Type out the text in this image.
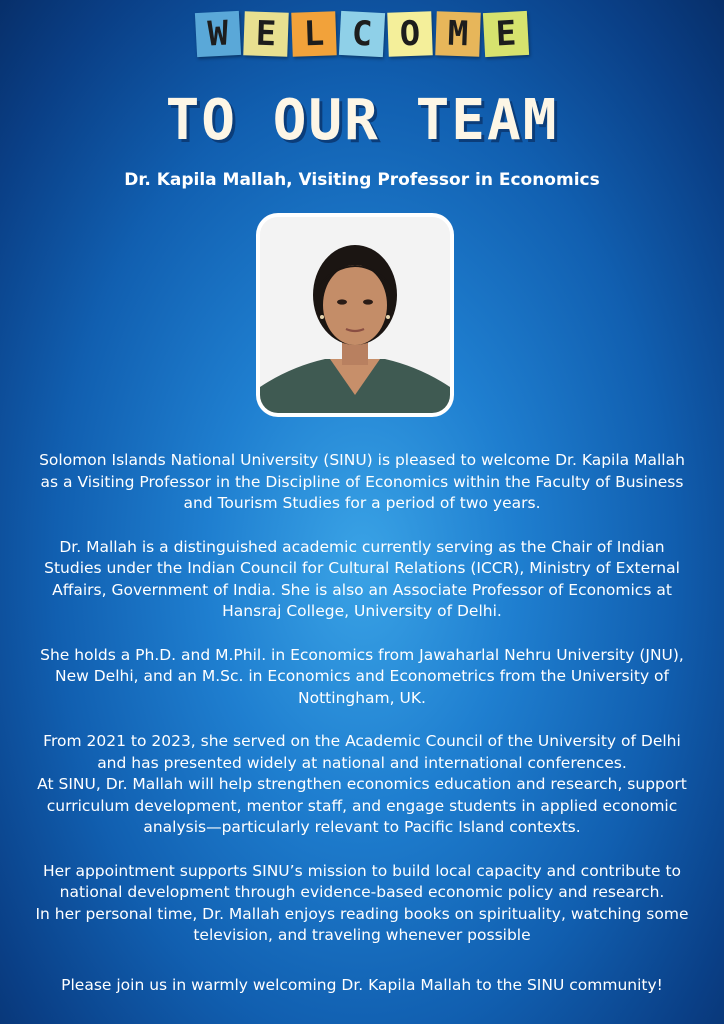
W E L C O M E
TO OUR TEAM
Dr. Kapila Mallah, Visiting Professor in Economics

Solomon Islands National University (SINU) is pleased to welcome Dr. Kapila Mallah as a Visiting Professor in the Discipline of Economics within the Faculty of Business and Tourism Studies for a period of two years.

Dr. Mallah is a distinguished academic currently serving as the Chair of Indian Studies under the Indian Council for Cultural Relations (ICCR), Ministry of External Affairs, Government of India. She is also an Associate Professor of Economics at Hansraj College, University of Delhi.

She holds a Ph.D. and M.Phil. in Economics from Jawaharlal Nehru University (JNU), New Delhi, and an M.Sc. in Economics and Econometrics from the University of Nottingham, UK.

From 2021 to 2023, she served on the Academic Council of the University of Delhi and has presented widely at national and international conferences.
At SINU, Dr. Mallah will help strengthen economics education and research, support curriculum development, mentor staff, and engage students in applied economic analysis—particularly relevant to Pacific Island contexts.

Her appointment supports SINU’s mission to build local capacity and contribute to national development through evidence-based economic policy and research.
In her personal time, Dr. Mallah enjoys reading books on spirituality, watching some television, and traveling whenever possible

Please join us in warmly welcoming Dr. Kapila Mallah to the SINU community!
